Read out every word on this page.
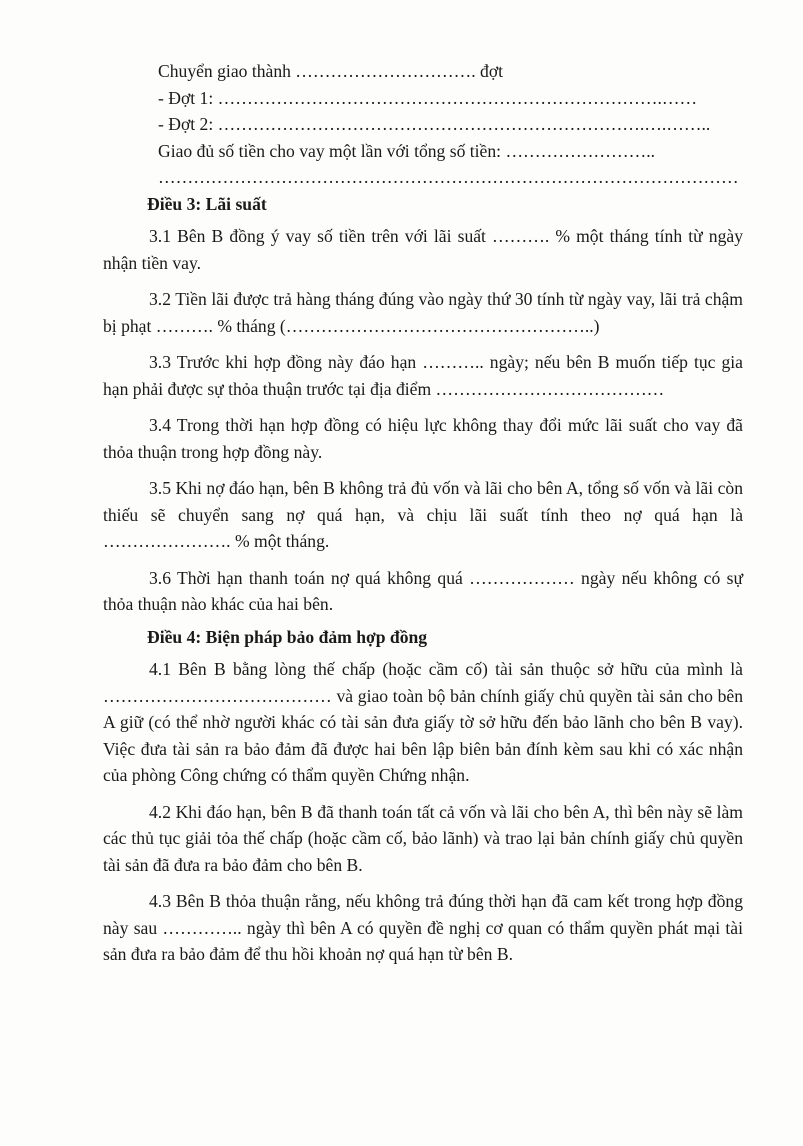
Chuyển giao thành …………………………. đợt
- Đợt 1: ………………………………………………………………….……
- Đợt 2: ……………………………………………………………….….……..
Giao đủ số tiền cho vay một lần với tổng số tiền: ……………………..
………………………………………………………………………………………

Điều 3: Lãi suất

3.1 Bên B đồng ý vay số tiền trên với lãi suất ………. % một tháng tính từ ngày nhận tiền vay.

3.2 Tiền lãi được trả hàng tháng đúng vào ngày thứ 30 tính từ ngày vay, lãi trả chậm bị phạt ………. % tháng (……………………………………………..)

3.3 Trước khi hợp đồng này đáo hạn ……….. ngày; nếu bên B muốn tiếp tục gia hạn phải được sự thỏa thuận trước tại địa điểm …………………………………

3.4 Trong thời hạn hợp đồng có hiệu lực không thay đổi mức lãi suất cho vay đã thỏa thuận trong hợp đồng này.

3.5 Khi nợ đáo hạn, bên B không trả đủ vốn và lãi cho bên A, tổng số vốn và lãi còn thiếu sẽ chuyển sang nợ quá hạn, và chịu lãi suất tính theo nợ quá hạn là …………………. % một tháng.

3.6 Thời hạn thanh toán nợ quá không quá ……………… ngày nếu không có sự thỏa thuận nào khác của hai bên.

Điều 4: Biện pháp bảo đảm hợp đồng

4.1 Bên B bằng lòng thế chấp (hoặc cầm cố) tài sản thuộc sở hữu của mình là ………………………………… và giao toàn bộ bản chính giấy chủ quyền tài sản cho bên A giữ (có thể nhờ người khác có tài sản đưa giấy tờ sở hữu đến bảo lãnh cho bên B vay). Việc đưa tài sản ra bảo đảm đã được hai bên lập biên bản đính kèm sau khi có xác nhận của phòng Công chứng có thẩm quyền Chứng nhận.

4.2 Khi đáo hạn, bên B đã thanh toán tất cả vốn và lãi cho bên A, thì bên này sẽ làm các thủ tục giải tỏa thế chấp (hoặc cầm cố, bảo lãnh) và trao lại bản chính giấy chủ quyền tài sản đã đưa ra bảo đảm cho bên B.

4.3 Bên B thỏa thuận rằng, nếu không trả đúng thời hạn đã cam kết trong hợp đồng này sau ………….. ngày thì bên A có quyền đề nghị cơ quan có thẩm quyền phát mại tài sản đưa ra bảo đảm để thu hồi khoản nợ quá hạn từ bên B.
